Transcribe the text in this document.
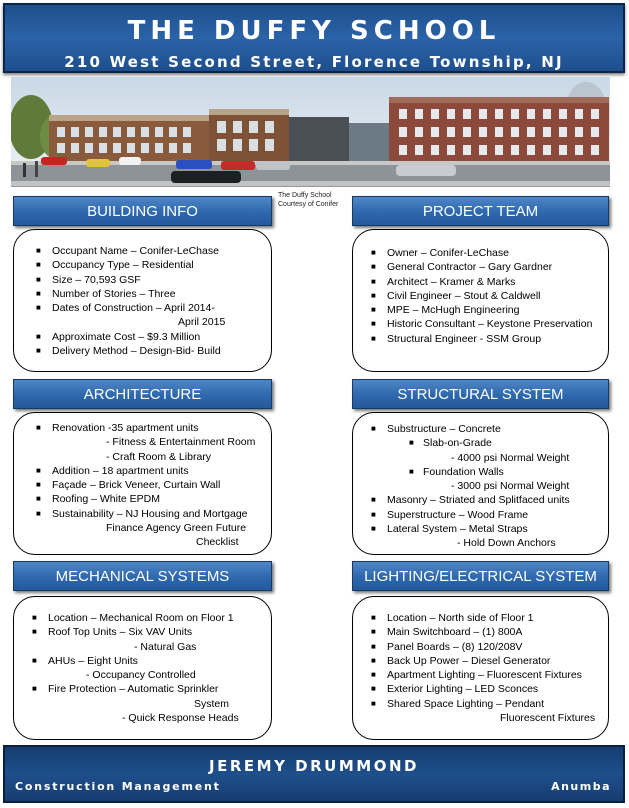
THE DUFFY SCHOOL
210 West Second Street, Florence Township, NJ
The Duffy School
Courtesy of Conifer
BUILDING INFO
■ Occupant Name – Conifer-LeChase
■ Occupancy Type – Residential
■ Size – 70,593 GSF
■ Number of Stories – Three
■ Dates of Construction – April 2014-
April 2015
■ Approximate Cost – $9.3 Million
■ Delivery Method – Design-Bid- Build
PROJECT TEAM
■ Owner – Conifer-LeChase
■ General Contractor – Gary Gardner
■ Architect – Kramer & Marks
■ Civil Engineer – Stout & Caldwell
■ MPE – McHugh Engineering
■ Historic Consultant – Keystone Preservation
■ Structural Engineer - SSM Group
ARCHITECTURE
■ Renovation -35 apartment units
- Fitness & Entertainment Room
- Craft Room & Library
■ Addition – 18 apartment units
■ Façade – Brick Veneer, Curtain Wall
■ Roofing – White EPDM
■ Sustainability – NJ Housing and Mortgage
Finance Agency Green Future
Checklist
STRUCTURAL SYSTEM
■ Substructure – Concrete
■ Slab-on-Grade
- 4000 psi Normal Weight
■ Foundation Walls
- 3000 psi Normal Weight
■ Masonry – Striated and Splitfaced units
■ Superstructure – Wood Frame
■ Lateral System – Metal Straps
- Hold Down Anchors
MECHANICAL SYSTEMS
■ Location – Mechanical Room on Floor 1
■ Roof Top Units – Six VAV Units
- Natural Gas
■ AHUs – Eight Units
- Occupancy Controlled
■ Fire Protection – Automatic Sprinkler
System
- Quick Response Heads
LIGHTING/ELECTRICAL SYSTEM
■ Location – North side of Floor 1
■ Main Switchboard – (1) 800A
■ Panel Boards – (8) 120/208V
■ Back Up Power – Diesel Generator
■ Apartment Lighting – Fluorescent Fixtures
■ Exterior Lighting – LED Sconces
■ Shared Space Lighting – Pendant
Fluorescent Fixtures
JEREMY DRUMMOND
Construction Management	Anumba
